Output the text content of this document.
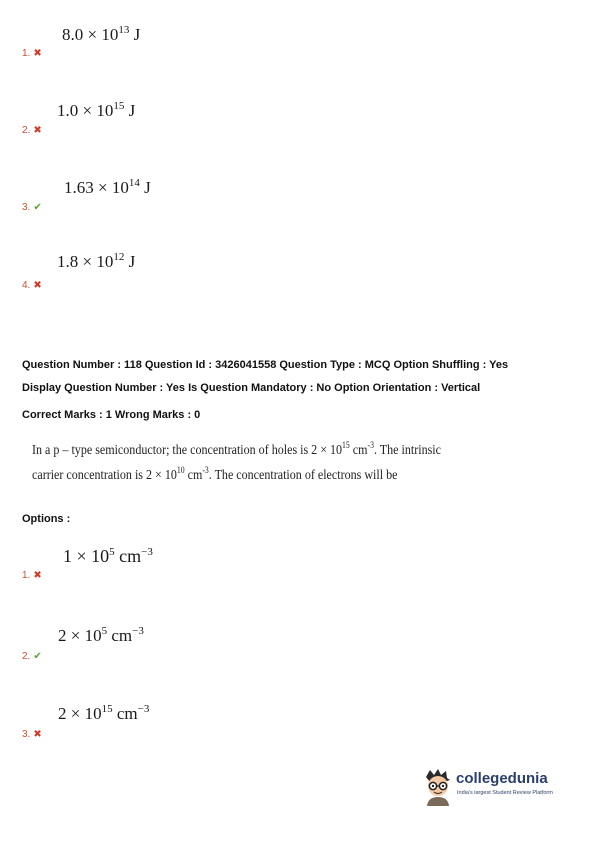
$8.0 \times 10^{13}$ J
1. ✖
$1.0 \times 10^{15}$ J
2. ✖
$1.63 \times 10^{14}$ J
3. ✔
$1.8 \times 10^{12}$ J
4. ✖
Question Number : 118 Question Id : 3426041558 Question Type : MCQ Option Shuffling : Yes
Display Question Number : Yes Is Question Mandatory : No Option Orientation : Vertical
Correct Marks : 1 Wrong Marks : 0
In a p – type semiconductor; the concentration of holes is $2 \times 10^{15}$ $cm^{-3}$. The intrinsic
carrier concentration is $2 \times 10^{10}$ $cm^{-3}$. The concentration of electrons will be
Options :
$1 \times 10^5$ $cm^{-3}$
1. ✖
$2 \times 10^5$ $cm^{-3}$
2. ✔
$2 \times 10^{15}$ $cm^{-3}$
3. ✖
collegedunia
India's largest Student Review Platform
